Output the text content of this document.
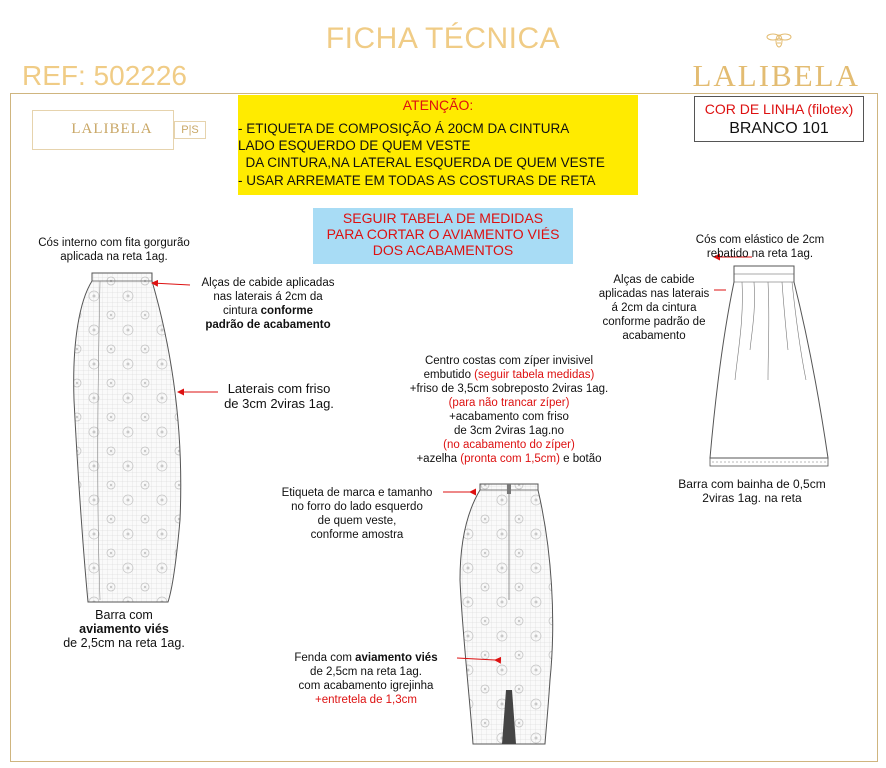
FICHA TÉCNICA
REF: 502226	LALIBELA
LALIBELA	P|S
ATENÇÃO:
- ETIQUETA DE COMPOSIÇÃO Á 20CM DA CINTURA
LADO ESQUERDO DE QUEM VESTE
DA CINTURA,NA LATERAL ESQUERDA DE QUEM VESTE
- USAR ARREMATE EM TODAS AS COSTURAS DE RETA
COR DE LINHA (filotex)
BRANCO 101
SEGUIR TABELA DE MEDIDAS
PARA CORTAR O AVIAMENTO VIÉS
DOS ACABAMENTOS
Cós interno com fita gorgurão
aplicada na reta 1ag.
Alças de cabide aplicadas
nas laterais á 2cm da
cintura conforme
padrão de acabamento
Laterais com friso
de 3cm 2viras 1ag.
Barra com
aviamento viés
de 2,5cm na reta 1ag.
Centro costas com zíper invisivel
embutido (seguir tabela medidas)
+friso de 3,5cm sobreposto 2viras 1ag.
(para não trancar zíper)
+acabamento com friso
de 3cm 2viras 1ag.no
(no acabamento do zíper)
+azelha (pronta com 1,5cm) e botão
Etiqueta de marca e tamanho
no forro do lado esquerdo
de quem veste,
conforme amostra
Fenda com aviamento viés
de 2,5cm na reta 1ag.
com acabamento igrejinha
+entretela de 1,3cm
Cós com elástico de 2cm
rebatido na reta 1ag.
Alças de cabide
aplicadas nas laterais
á 2cm da cintura
conforme padrão de
acabamento
Barra com bainha de 0,5cm
2viras 1ag. na reta
